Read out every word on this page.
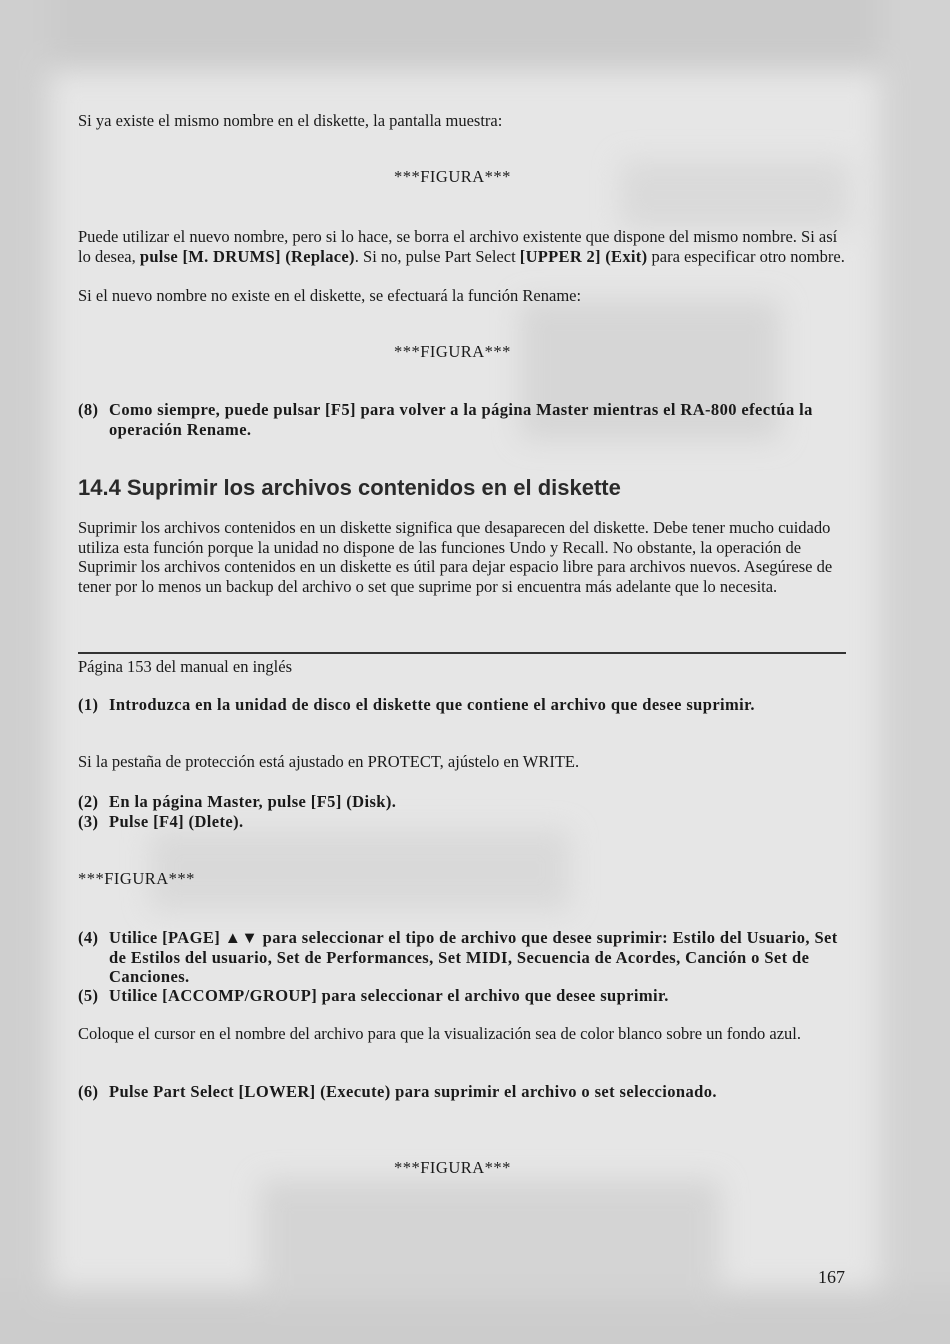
Si ya existe el mismo nombre en el diskette, la pantalla muestra:

***FIGURA***

Puede utilizar el nuevo nombre, pero si lo hace, se borra el archivo existente que dispone del mismo nombre. Si así lo desea, pulse [M. DRUMS] (Replace). Si no, pulse Part Select [UPPER 2] (Exit) para especificar otro nombre.

Si el nuevo nombre no existe en el diskette, se efectuará la función Rename:

***FIGURA***
(8) Como siempre, puede pulsar [F5] para volver a la página Master mientras el RA-800 efectúa la operación Rename.
14.4 Suprimir los archivos contenidos en el diskette

Suprimir los archivos contenidos en un diskette significa que desaparecen del diskette. Debe tener mucho cuidado utiliza esta función porque la unidad no dispone de las funciones Undo y Recall. No obstante, la operación de Suprimir los archivos contenidos en un diskette es útil para dejar espacio libre para archivos nuevos. Asegúrese de tener por lo menos un backup del archivo o set que suprime por si encuentra más adelante que lo necesita.

Página 153 del manual en inglés

(1) Introduzca en la unidad de disco el diskette que contiene el archivo que desee suprimir.

Si la pestaña de protección está ajustado en PROTECT, ajústelo en WRITE.

(2) En la página Master, pulse [F5] (Disk).
(3) Pulse [F4] (Dlete).
***FIGURA***
(4) Utilice [PAGE] ▲▼ para seleccionar el tipo de archivo que desee suprimir: Estilo del Usuario, Set de Estilos del usuario, Set de Performances, Set MIDI, Secuencia de Acordes, Canción o Set de Canciones.
(5) Utilice [ACCOMP/GROUP] para seleccionar el archivo que desee suprimir.

Coloque el cursor en el nombre del archivo para que la visualización sea de color blanco sobre un fondo azul.

(6) Pulse Part Select [LOWER] (Execute) para suprimir el archivo o set seleccionado.
***FIGURA***
167
